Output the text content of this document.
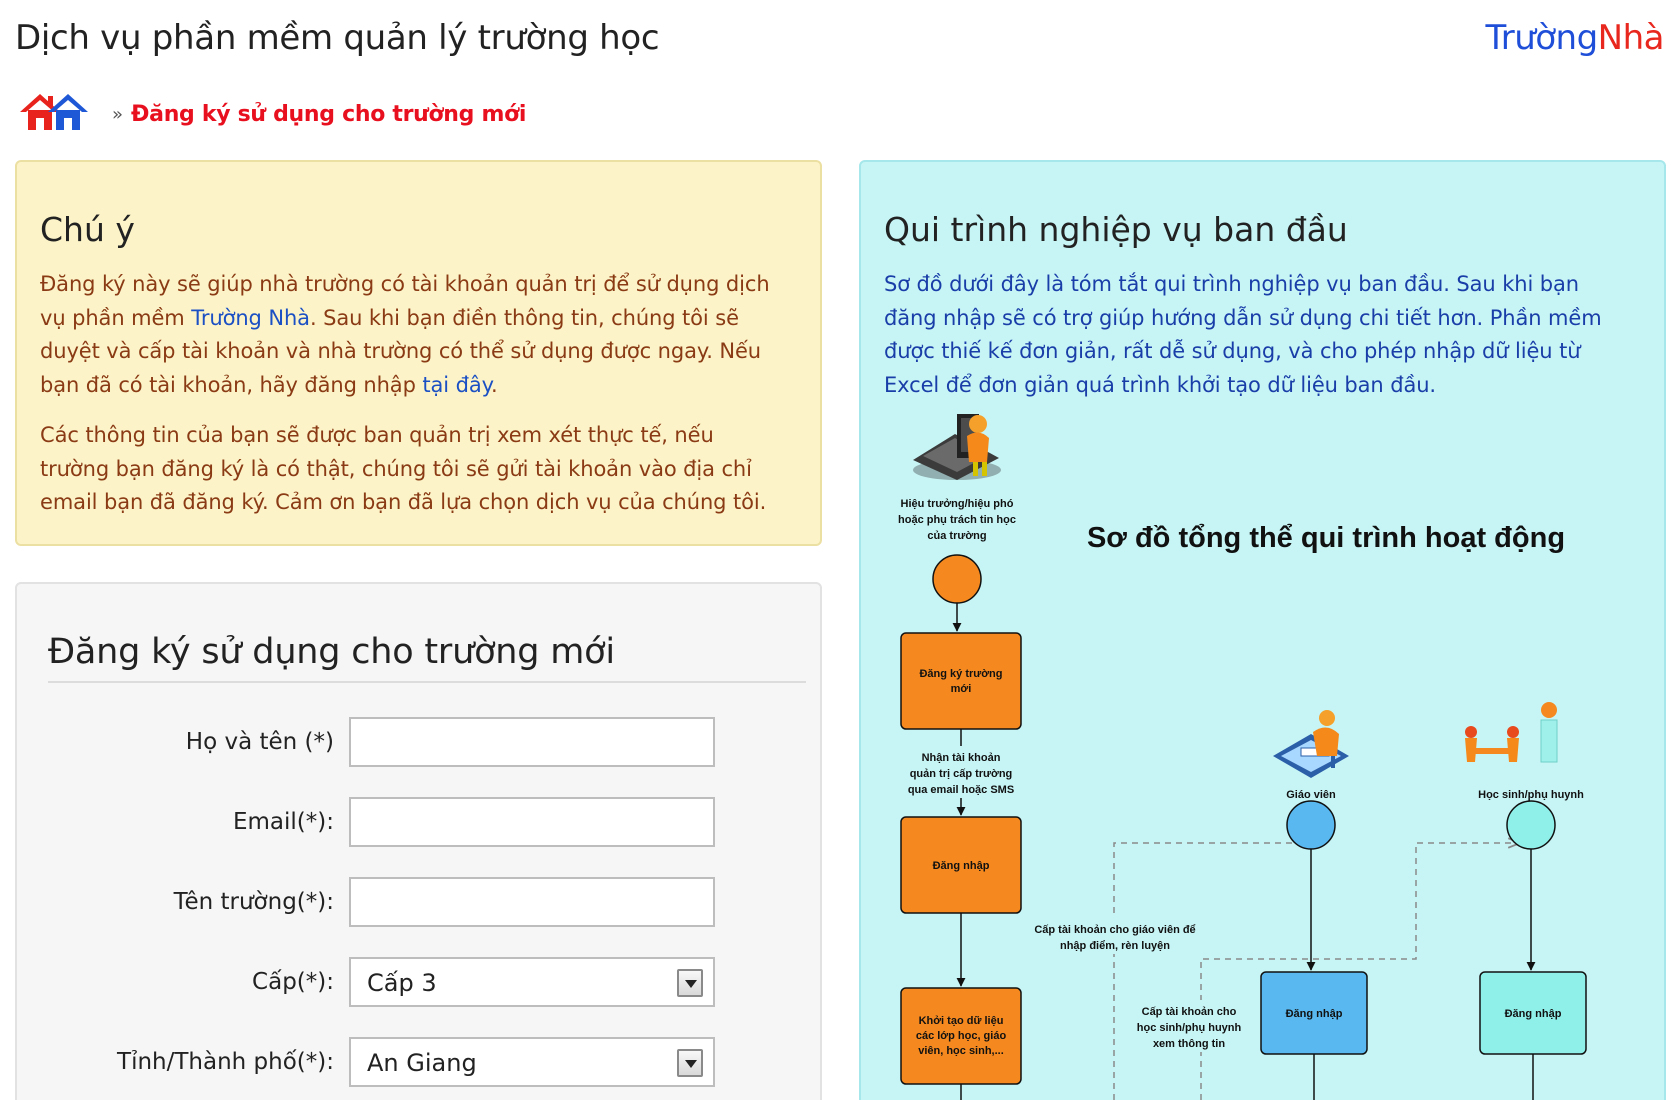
Dịch vụ phần mềm quản lý trường học	TrườngNhà
» Đăng ký sử dụng cho trường mới
Chú ý

Đăng ký này sẽ giúp nhà trường có tài khoản quản trị để sử dụng dịch vụ phần mềm Trường Nhà. Sau khi bạn điền thông tin, chúng tôi sẽ duyệt và cấp tài khoản và nhà trường có thể sử dụng được ngay. Nếu bạn đã có tài khoản, hãy đăng nhập tại đây.

Các thông tin của bạn sẽ được ban quản trị xem xét thực tế, nếu trường bạn đăng ký là có thật, chúng tôi sẽ gửi tài khoản vào địa chỉ email bạn đã đăng ký. Cảm ơn bạn đã lựa chọn dịch vụ của chúng tôi.

Đăng ký sử dụng cho trường mới
Họ và tên (*)
Email(*):
Tên trường(*):
Cấp(*): Cấp 3
Tỉnh/Thành phố(*): An Giang
Qui trình nghiệp vụ ban đầu

Sơ đồ dưới đây là tóm tắt qui trình nghiệp vụ ban đầu. Sau khi bạn đăng nhập sẽ có trợ giúp hướng dẫn sử dụng chi tiết hơn. Phần mềm được thiế kế đơn giản, rất dễ sử dụng, và cho phép nhập dữ liệu từ Excel để đơn giản quá trình khởi tạo dữ liệu ban đầu.

Hiệu trưởng/hiệu phó
hoặc phụ trách tin học
của trường	Sơ đồ tổng thể qui trình hoạt động
Đăng ký trường
mới
Nhận tài khoản
quản trị cấp trường
qua email hoặc SMS
Đăng nhập
Khởi tạo dữ liệu
các lớp học, giáo
viên, học sinh,...
Cấp tài khoản cho giáo viên để
nhập điểm, rèn luyện
Giáo viên
Cấp tài khoản cho
học sinh/phụ huynh
xem thông tin
Đăng nhập
Học sinh/phụ huynh
Đăng nhập
